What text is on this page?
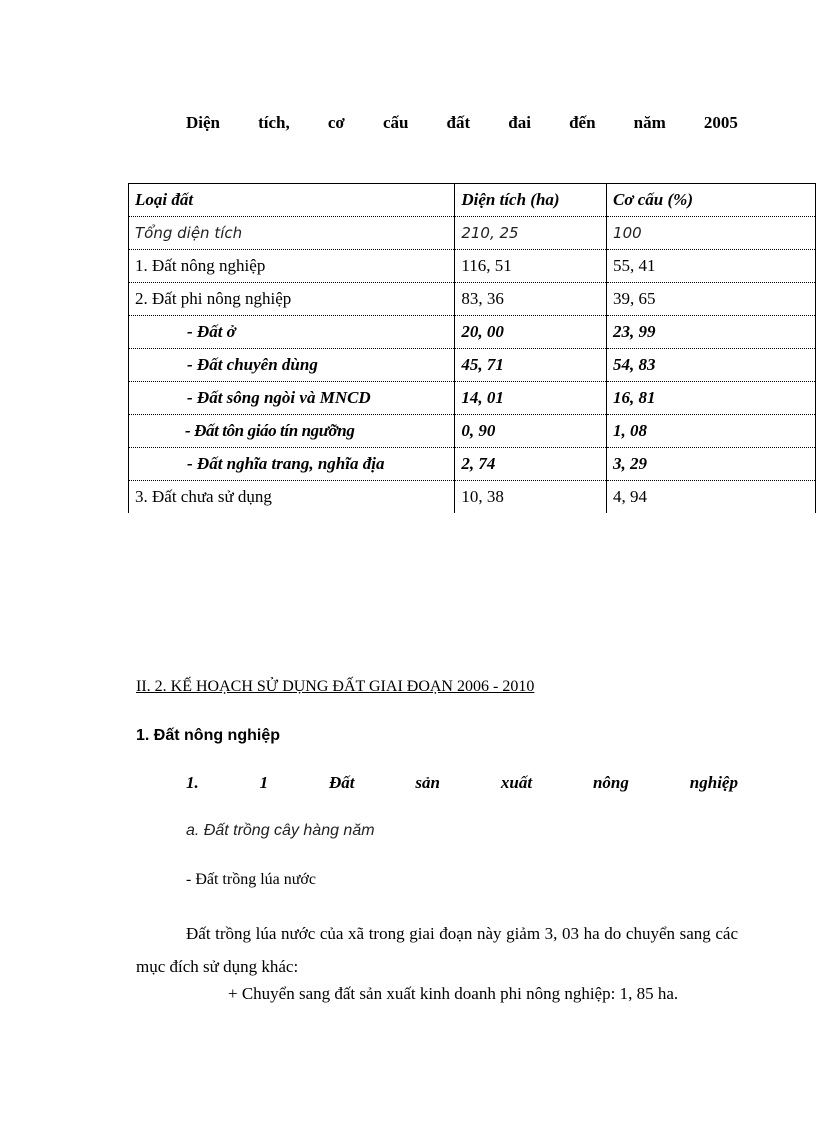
Diện tích, cơ cấu đất đai đến năm 2005
Loại đất	Diện tích (ha)	Cơ cấu (%)
Tổng diện tích	210, 25	100
1. Đất nông nghiệp	116, 51	55, 41
2. Đất phi nông nghiệp	83, 36	39, 65
- Đất ở	20, 00	23, 99
- Đất chuyên dùng	45, 71	54, 83
- Đất sông ngòi và MNCD	14, 01	16, 81
- Đất tôn giáo tín ngưỡng	0, 90	1, 08
- Đất nghĩa trang, nghĩa địa	2, 74	3, 29
3. Đất chưa sử dụng	10, 38	4, 94
II. 2. KẾ HOẠCH SỬ DỤNG ĐẤT GIAI ĐOẠN 2006 - 2010
1. Đất nông nghiệp
1.	1	Đất	sản	xuất	nông	nghiệp
a. Đất trồng cây hàng năm
- Đất trồng lúa nước
Đất trồng lúa nước của xã trong giai đoạn này giảm 3, 03 ha do chuyển sang các mục đích sử dụng khác:
+ Chuyển sang đất sản xuất kinh doanh phi nông nghiệp: 1, 85 ha.
